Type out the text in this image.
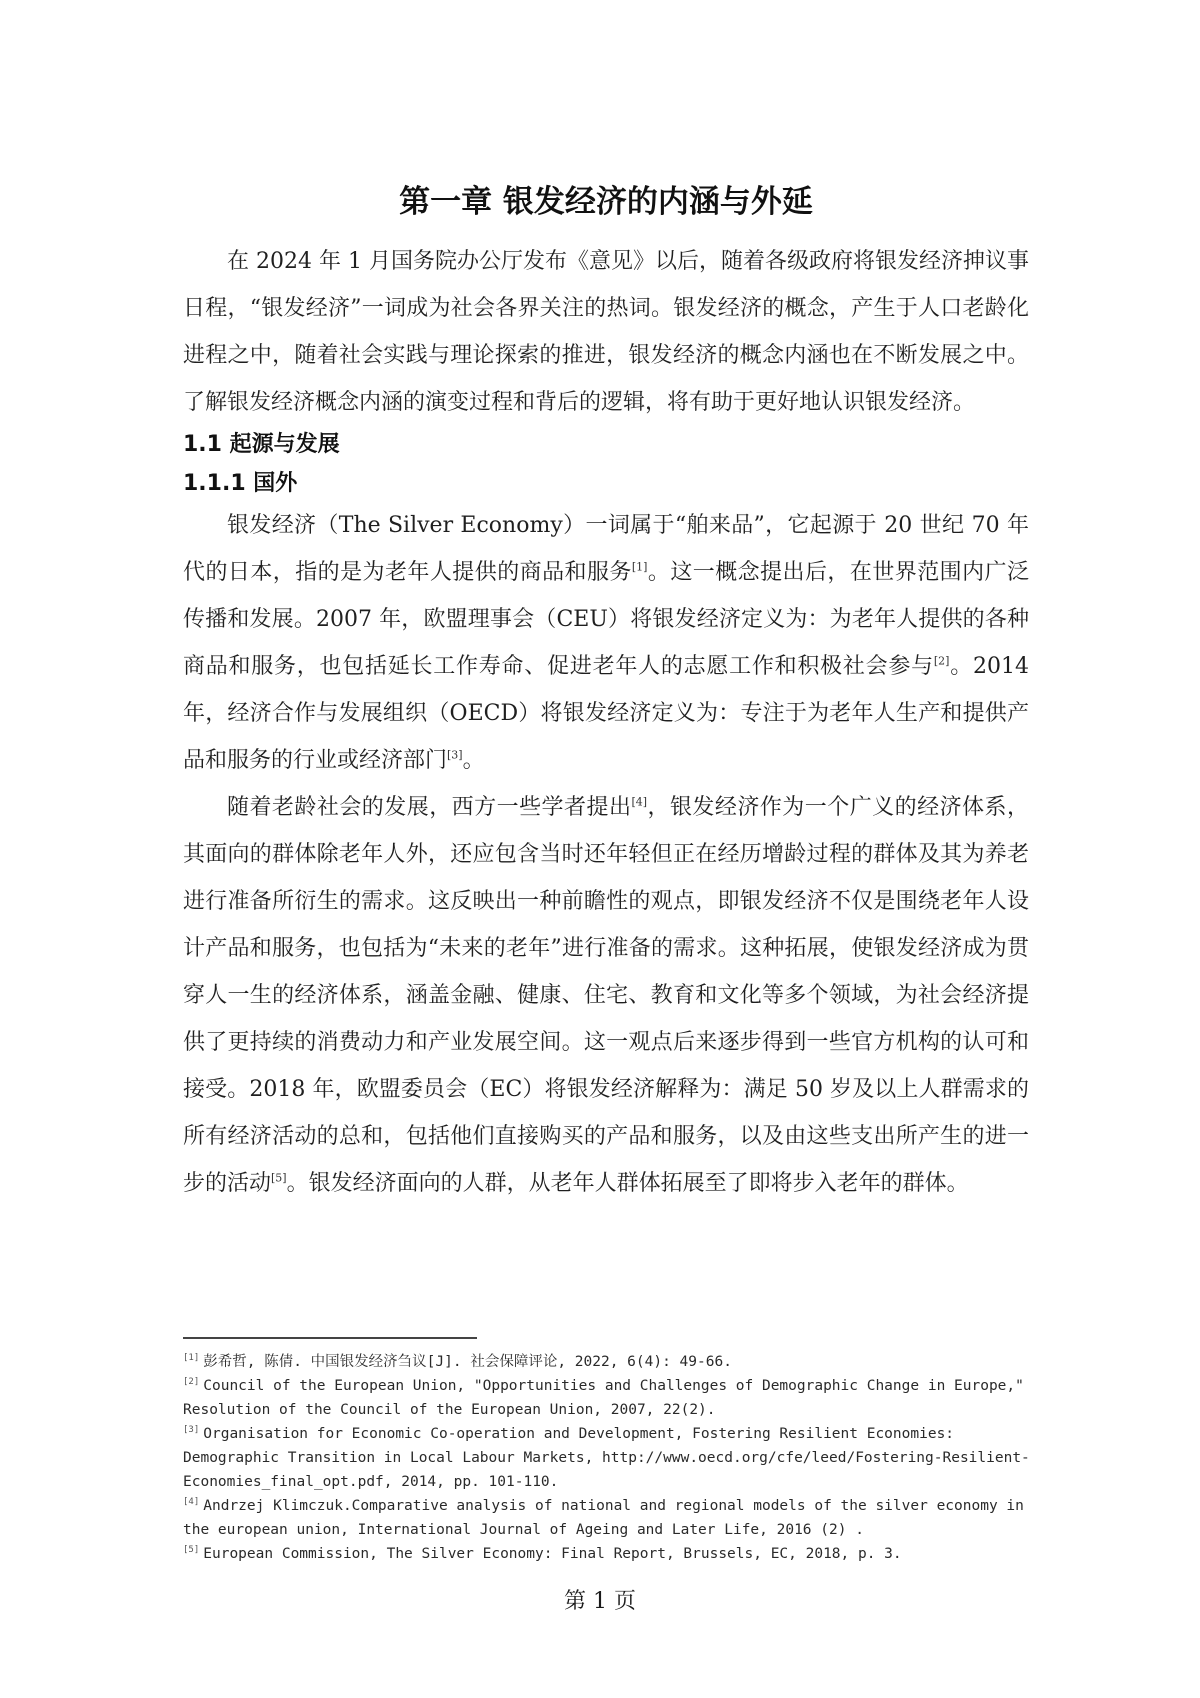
第一章 银发经济的内涵与外延

在 2024 年 1 月国务院办公厅发布《意见》以后，随着各级政府将银发经济抻议事日程，“银发经济”一词成为社会各界关注的热词。银发经济的概念，产生于人口老龄化进程之中，随着社会实践与理论探索的推进，银发经济的概念内涵也在不断发展之中。了解银发经济概念内涵的演变过程和背后的逻辑，将有助于更好地认识银发经济。

1.1 起源与发展
1.1.1 国外

银发经济（The Silver Economy）一词属于“舶来品”，它起源于 20 世纪 70 年代的日本，指的是为老年人提供的商品和服务[1]。这一概念提出后，在世界范围内广泛传播和发展。2007 年，欧盟理事会（CEU）将银发经济定义为：为老年人提供的各种商品和服务，也包括延长工作寿命、促进老年人的志愿工作和积极社会参与[2]。2014 年，经济合作与发展组织（OECD）将银发经济定义为：专注于为老年人生产和提供产品和服务的行业或经济部门[3]。

随着老龄社会的发展，西方一些学者提出[4]，银发经济作为一个广义的经济体系，其面向的群体除老年人外，还应包含当时还年轻但正在经历增龄过程的群体及其为养老进行准备所衍生的需求。这反映出一种前瞻性的观点，即银发经济不仅是围绕老年人设计产品和服务，也包括为“未来的老年”进行准备的需求。这种拓展，使银发经济成为贯穿人一生的经济体系，涵盖金融、健康、住宅、教育和文化等多个领域，为社会经济提供了更持续的消费动力和产业发展空间。这一观点后来逐步得到一些官方机构的认可和接受。2018 年，欧盟委员会（EC）将银发经济解释为：满足 50 岁及以上人群需求的所有经济活动的总和，包括他们直接购买的产品和服务，以及由这些支出所产生的进一步的活动[5]。银发经济面向的人群，从老年人群体拓展至了即将步入老年的群体。

[1] 彭希哲, 陈倩. 中国银发经济刍议[J]. 社会保障评论, 2022, 6(4): 49-66.

[2] Council of the European Union, "Opportunities and Challenges of Demographic Change in Europe," Resolution of the Council of the European Union, 2007, 22(2).

[3] Organisation for Economic Co-operation and Development, Fostering Resilient Economies: Demographic Transition in Local Labour Markets, http://www.oecd.org/cfe/leed/Fostering-Resilient-Economies_final_opt.pdf, 2014, pp. 101-110.

[4] Andrzej Klimczuk.Comparative analysis of national and regional models of the silver economy in the european union, International Journal of Ageing and Later Life, 2016 (2) .

[5] European Commission, The Silver Economy: Final Report, Brussels, EC, 2018, p. 3.

第 1 页
